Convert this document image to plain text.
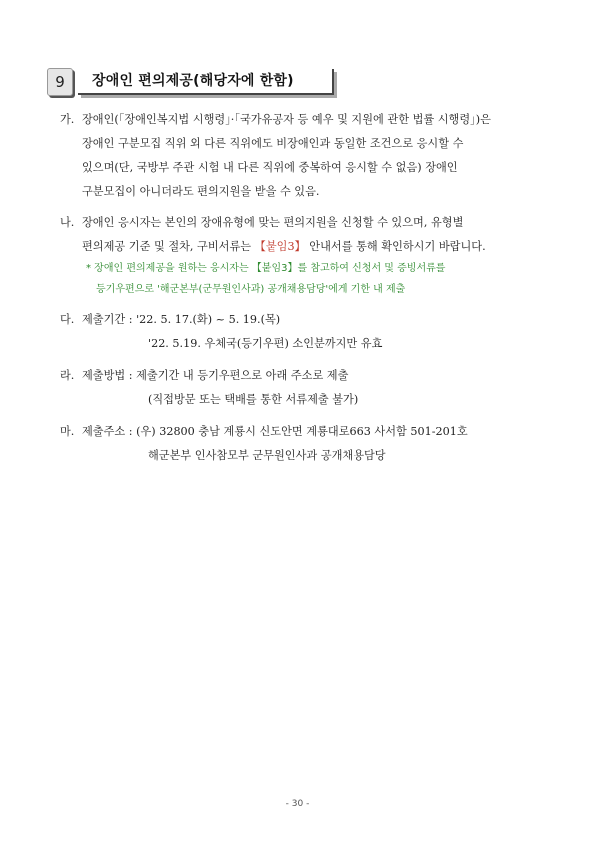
9	장애인 편의제공(해당자에 한함)
가. 장애인(｢장애인복지법 시행령｣·｢국가유공자 등 예우 및 지원에 관한 법률 시행령｣)은
장애인 구분모집 직위 외 다른 직위에도 비장애인과 동일한 조건으로 응시할 수
있으며(단, 국방부 주관 시험 내 다른 직위에 중복하여 응시할 수 없음) 장애인
구분모집이 아니더라도 편의지원을 받을 수 있음.
나. 장애인 응시자는 본인의 장애유형에 맞는 편의지원을 신청할 수 있으며, 유형별
편의제공 기준 및 절차, 구비서류는 【붙임3】 안내서를 통해 확인하시기 바랍니다.
* 장애인 편의제공을 원하는 응시자는 【붙임3】를 참고하여 신청서 및 증빙서류를
등기우편으로 '해군본부(군무원인사과) 공개채용담당'에게 기한 내 제출
다. 제출기간 : '22. 5. 17.(화) ~ 5. 19.(목)
'22. 5.19. 우체국(등기우편) 소인분까지만 유효
라. 제출방법 : 제출기간 내 등기우편으로 아래 주소로 제출
(직접방문 또는 택배를 통한 서류제출 불가)
마. 제출주소 : (우) 32800 충남 계룡시 신도안면 계룡대로663 사서함 501-201호
해군본부 인사참모부 군무원인사과 공개채용담당
- 30 -
